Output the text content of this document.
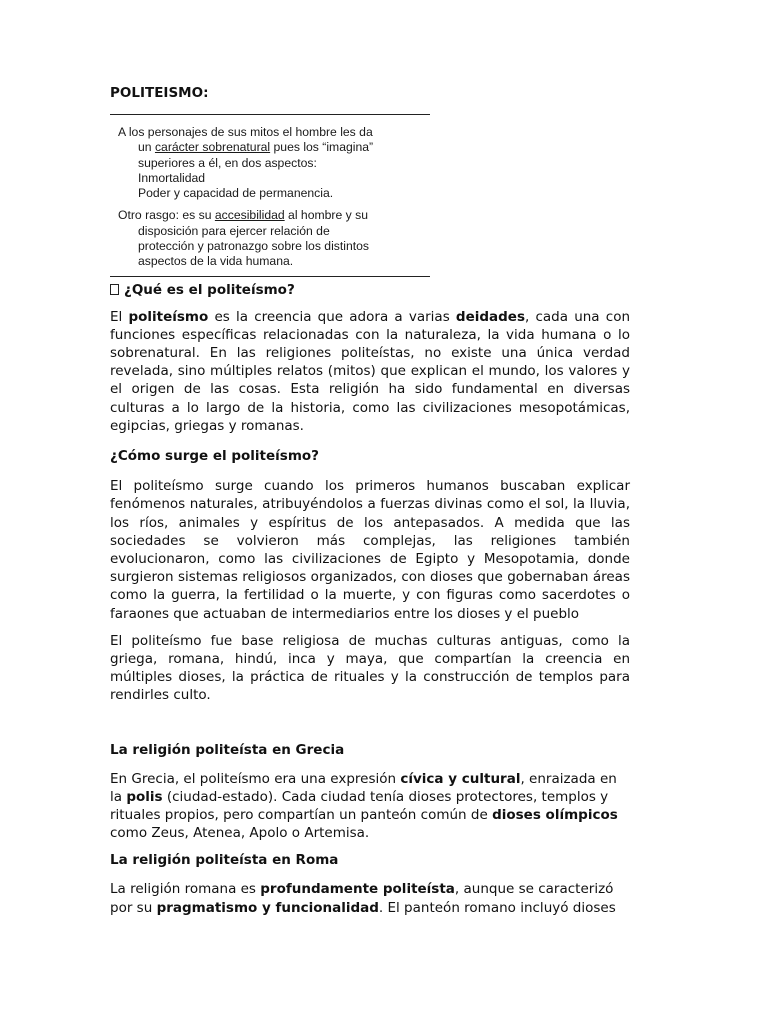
POLITEISMO:
A los personajes de sus mitos el hombre les da
un carácter sobrenatural pues los “imagina”
superiores a él, en dos aspectos:
Inmortalidad
Poder y capacidad de permanencia.
Otro rasgo: es su accesibilidad al hombre y su
disposición para ejercer relación de
protección y patronazgo sobre los distintos
aspectos de la vida humana.
¿Qué es el politeísmo?

El politeísmo es la creencia que adora a varias deidades, cada una con funciones específicas relacionadas con la naturaleza, la vida humana o lo sobrenatural. En las religiones politeístas, no existe una única verdad revelada, sino múltiples relatos (mitos) que explican el mundo, los valores y el origen de las cosas. Esta religión ha sido fundamental en diversas culturas a lo largo de la historia, como las civilizaciones mesopotámicas, egipcias, griegas y romanas.

¿Cómo surge el politeísmo?

El politeísmo surge cuando los primeros humanos buscaban explicar fenómenos naturales, atribuyéndolos a fuerzas divinas como el sol, la lluvia, los ríos, animales y espíritus de los antepasados. A medida que las sociedades se volvieron más complejas, las religiones también evolucionaron, como las civilizaciones de Egipto y Mesopotamia, donde surgieron sistemas religiosos organizados, con dioses que gobernaban áreas como la guerra, la fertilidad o la muerte, y con figuras como sacerdotes o faraones que actuaban de intermediarios entre los dioses y el pueblo

El politeísmo fue base religiosa de muchas culturas antiguas, como la griega, romana, hindú, inca y maya, que compartían la creencia en múltiples dioses, la práctica de rituales y la construcción de templos para rendirles culto.

La religión politeísta en Grecia

En Grecia, el politeísmo era una expresión cívica y cultural, enraizada en la polis (ciudad-estado). Cada ciudad tenía dioses protectores, templos y rituales propios, pero compartían un panteón común de dioses olímpicos como Zeus, Atenea, Apolo o Artemisa.

La religión politeísta en Roma

La religión romana es profundamente politeísta, aunque se caracterizó por su pragmatismo y funcionalidad. El panteón romano incluyó dioses
